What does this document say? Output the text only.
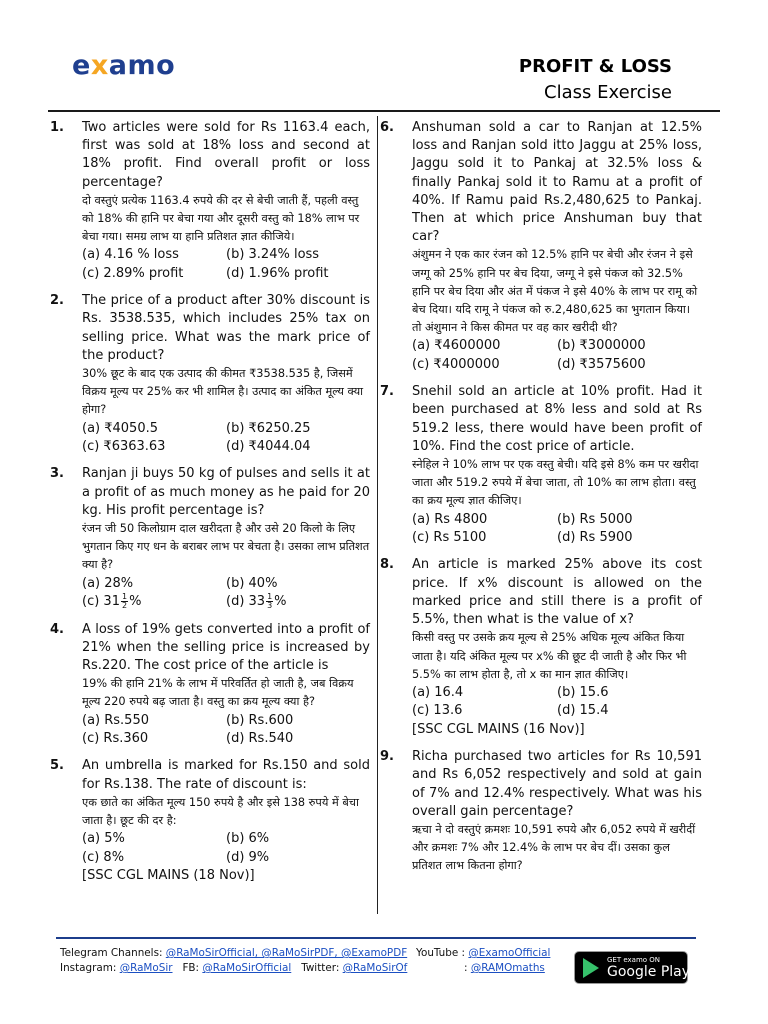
examo	PROFIT & LOSS
Class Exercise
1.	Two articles were sold for Rs 1163.4 each, first was sold at 18% loss and second at 18% profit. Find overall profit or loss percentage?

दो वस्तुएं प्रत्येक 1163.4 रुपये की दर से बेची जाती हैं, पहली वस्तु को 18% की हानि पर बेचा गया और दूसरी वस्तु को 18% लाभ पर बेचा गया। समग्र लाभ या हानि प्रतिशत ज्ञात कीजिये।

(a) 4.16 % loss	(b) 3.24% loss
(c) 2.89% profit	(d) 1.96% profit
2.	The price of a product after 30% discount is Rs. 3538.535, which includes 25% tax on selling price. What was the mark price of the product?

30% छूट के बाद एक उत्पाद की कीमत ₹3538.535 है, जिसमें विक्रय मूल्य पर 25% कर भी शामिल है। उत्पाद का अंकित मूल्य क्या होगा?

(a) ₹4050.5	(b) ₹6250.25
(c) ₹6363.63	(d) ₹4044.04
3.	Ranjan ji buys 50 kg of pulses and sells it at a profit of as much money as he paid for 20 kg. His profit percentage is?

रंजन जी 50 किलोग्राम दाल खरीदता है और उसे 20 किलो के लिए भुगतान किए गए धन के बराबर लाभ पर बेचता है। उसका लाभ प्रतिशत क्या है?

(a) 28%	(b) 40%
(c) $31 \frac{1}{2}$ %	(d) $33 \frac{1}{3}$ %
4.	A loss of 19% gets converted into a profit of 21% when the selling price is increased by Rs.220. The cost price of the article is

19% की हानि 21% के लाभ में परिवर्तित हो जाती है, जब विक्रय मूल्य 220 रुपये बढ़ जाता है। वस्तु का क्रय मूल्य क्या है?

(a) Rs.550	(b) Rs.600
(c) Rs.360	(d) Rs.540
5.	An umbrella is marked for Rs.150 and sold for Rs.138. The rate of discount is:

एक छाते का अंकित मूल्य 150 रुपये है और इसे 138 रुपये में बेचा जाता है। छूट की दर है:

(a) 5%	(b) 6%
(c) 8%	(d) 9%
[SSC CGL MAINS (18 Nov)]
6.	Anshuman sold a car to Ranjan at 12.5% loss and Ranjan sold itto Jaggu at 25% loss, Jaggu sold it to Pankaj at 32.5% loss & finally Pankaj sold it to Ramu at a profit of 40%. If Ramu paid Rs.2,480,625 to Pankaj. Then at which price Anshuman buy that car?

अंशुमन ने एक कार रंजन को 12.5% हानि पर बेची और रंजन ने इसे जग्गू को 25% हानि पर बेच दिया, जग्गू ने इसे पंकज को 32.5% हानि पर बेच दिया और अंत में पंकज ने इसे 40% के लाभ पर रामू को बेच दिया। यदि रामू ने पंकज को रु.2,480,625 का भुगतान किया। तो अंशुमान ने किस कीमत पर वह कार खरीदी थी?

(a) ₹4600000	(b) ₹3000000
(c) ₹4000000	(d) ₹3575600
7.	Snehil sold an article at 10% profit. Had it been purchased at 8% less and sold at Rs 519.2 less, there would have been profit of 10%. Find the cost price of article.

स्नेहिल ने 10% लाभ पर एक वस्तु बेची। यदि इसे 8% कम पर खरीदा जाता और 519.2 रुपये में बेचा जाता, तो 10% का लाभ होता। वस्तु का क्रय मूल्य ज्ञात कीजिए।

(a) Rs 4800	(b) Rs 5000
(c) Rs 5100	(d) Rs 5900
8.	An article is marked 25% above its cost price. If x% discount is allowed on the marked price and still there is a profit of 5.5%, then what is the value of x?

किसी वस्तु पर उसके क्रय मूल्य से 25% अधिक मूल्य अंकित किया जाता है। यदि अंकित मूल्य पर x% की छूट दी जाती है और फिर भी 5.5% का लाभ होता है, तो x का मान ज्ञात कीजिए।

(a) 16.4	(b) 15.6
(c) 13.6	(d) 15.4
[SSC CGL MAINS (16 Nov)]
9.	Richa purchased two articles for Rs 10,591 and Rs 6,052 respectively and sold at gain of 7% and 12.4% respectively. What was his overall gain percentage?

ऋचा ने दो वस्तुएं क्रमशः 10,591 रुपये और 6,052 रुपये में खरीदीं और क्रमशः 7% और 12.4% के लाभ पर बेच दीं। उसका कुल प्रतिशत लाभ कितना होगा?

Telegram Channels: @RaMoSirOfficial, @RaMoSirPDF, @ExamoPDF
Instagram: @RaMoSir FB: @RaMoSirOfficial Twitter: @RaMoSirOf
YouTube : @ExamoOfficial
: @RAMOmaths
GET examo ON
Google Play
